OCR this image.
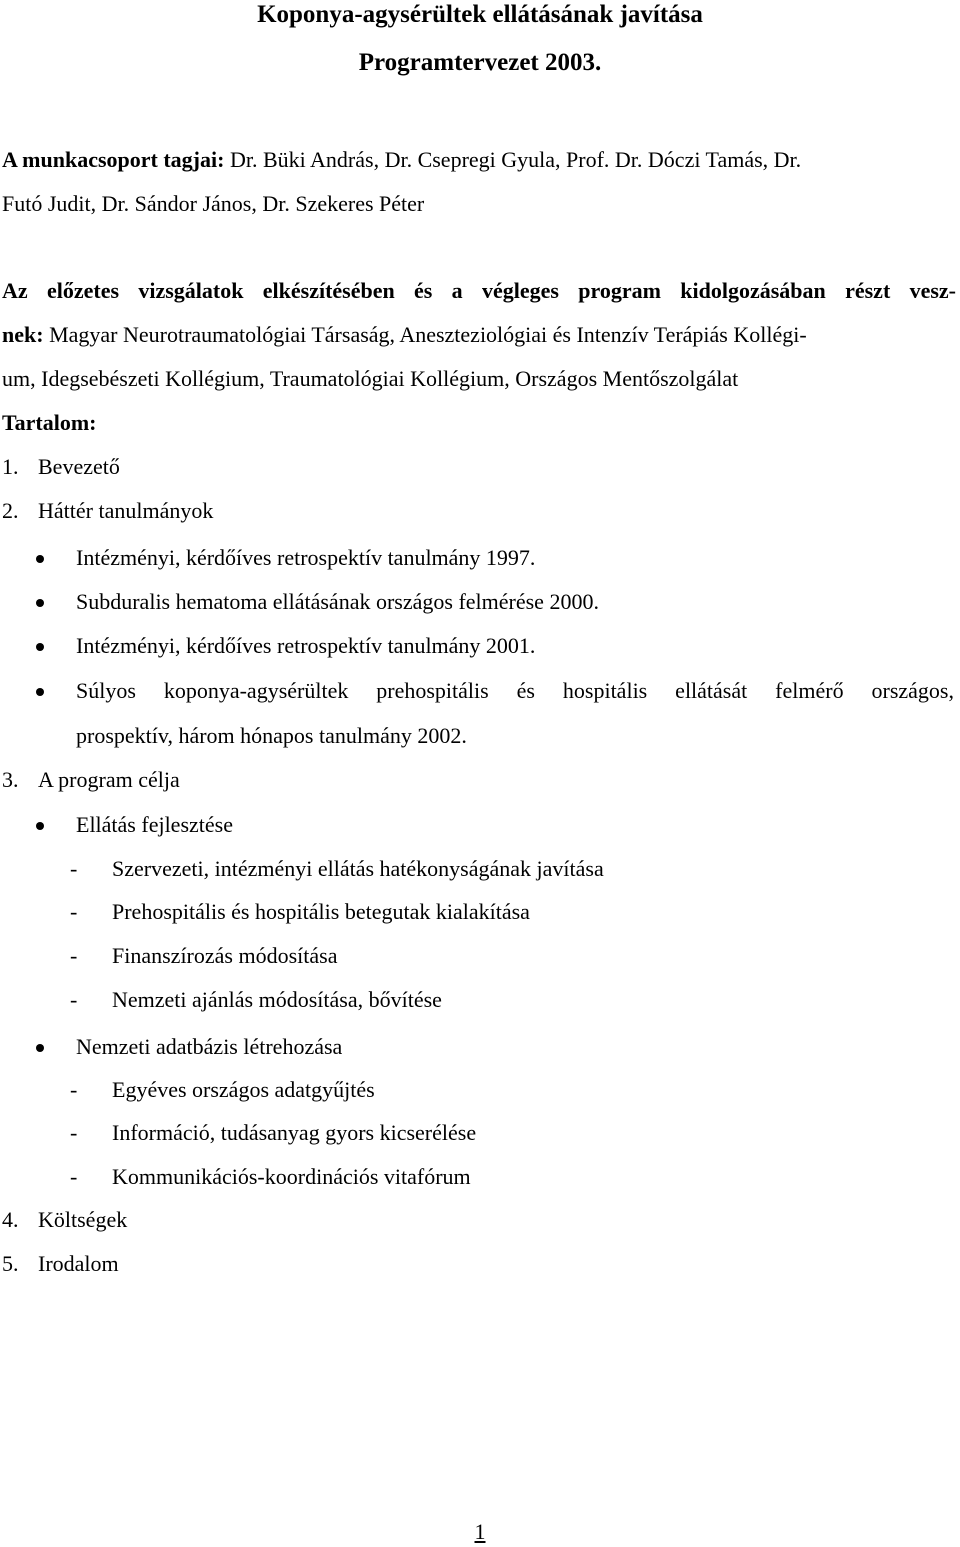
Koponya-agysérültek ellátásának javítása
Programtervezet 2003.
A munkacsoport tagjai: Dr. Büki András, Dr. Csepregi Gyula, Prof. Dr. Dóczi Tamás, Dr.
Futó Judit, Dr. Sándor János, Dr. Szekeres Péter
Az előzetes vizsgálatok elkészítésében és a végleges program kidolgozásában részt vesz-
nek: Magyar Neurotraumatológiai Társaság, Aneszteziológiai és Intenzív Terápiás Kollégi-
um, Idegsebészeti Kollégium, Traumatológiai Kollégium, Országos Mentőszolgálat
Tartalom:
1. Bevezető
2. Háttér tanulmányok
Intézményi, kérdőíves retrospektív tanulmány 1997.
Subduralis hematoma ellátásának országos felmérése 2000.
Intézményi, kérdőíves retrospektív tanulmány 2001.
Súlyos koponya-agysérültek prehospitális és hospitális ellátását felmérő országos,
prospektív, három hónapos tanulmány 2002.
3. A program célja
Ellátás fejlesztése
- Szervezeti, intézményi ellátás hatékonyságának javítása
- Prehospitális és hospitális betegutak kialakítása
- Finanszírozás módosítása
- Nemzeti ajánlás módosítása, bővítése
Nemzeti adatbázis létrehozása
- Egyéves országos adatgyűjtés
- Információ, tudásanyag gyors kicserélése
- Kommunikációs-koordinációs vitafórum
4. Költségek
5. Irodalom
1
